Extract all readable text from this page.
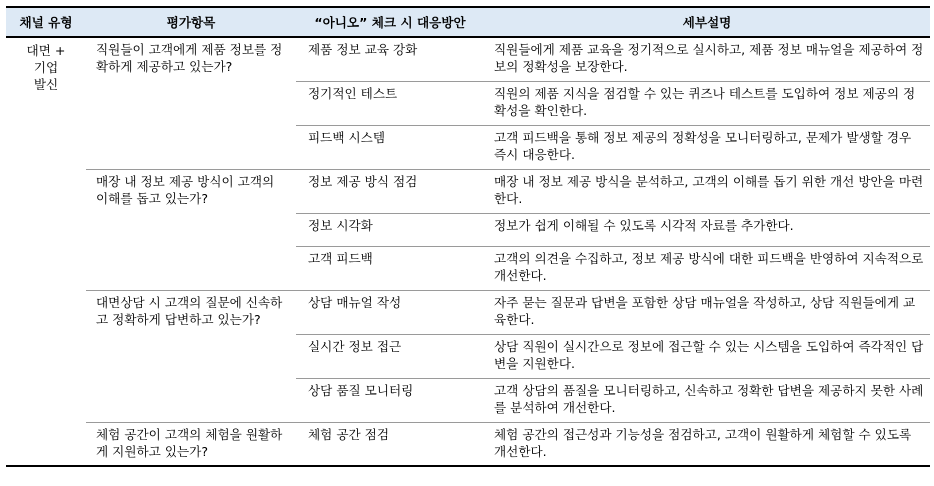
채널 유형	평가항목	“아니오” 체크 시 대응방안	세부설명

대면 +
기업
발신	직원들이 고객에게 제품 정보를 정확하게 제공하고 있는가?	제품 정보 교육 강화	직원들에게 제품 교육을 정기적으로 실시하고, 제품 정보 매뉴얼을 제공하여 정보의 정확성을 보장한다.
		정기적인 테스트	직원의 제품 지식을 점검할 수 있는 퀴즈나 테스트를 도입하여 정보 제공의 정확성을 확인한다.
		피드백 시스템	고객 피드백을 통해 정보 제공의 정확성을 모니터링하고, 문제가 발생할 경우 즉시 대응한다.
	매장 내 정보 제공 방식이 고객의 이해를 돕고 있는가?	정보 제공 방식 점검	매장 내 정보 제공 방식을 분석하고, 고객의 이해를 돕기 위한 개선 방안을 마련한다.
		정보 시각화	정보가 쉽게 이해될 수 있도록 시각적 자료를 추가한다.
		고객 피드백	고객의 의견을 수집하고, 정보 제공 방식에 대한 피드백을 반영하여 지속적으로 개선한다.
	대면상담 시 고객의 질문에 신속하고 정확하게 답변하고 있는가?	상담 매뉴얼 작성	자주 묻는 질문과 답변을 포함한 상담 매뉴얼을 작성하고, 상담 직원들에게 교육한다.
		실시간 정보 접근	상담 직원이 실시간으로 정보에 접근할 수 있는 시스템을 도입하여 즉각적인 답변을 지원한다.
		상담 품질 모니터링	고객 상담의 품질을 모니터링하고, 신속하고 정확한 답변을 제공하지 못한 사례를 분석하여 개선한다.
	체험 공간이 고객의 체험을 원활하게 지원하고 있는가?	체험 공간 점검	체험 공간의 접근성과 기능성을 점검하고, 고객이 원활하게 체험할 수 있도록 개선한다.
